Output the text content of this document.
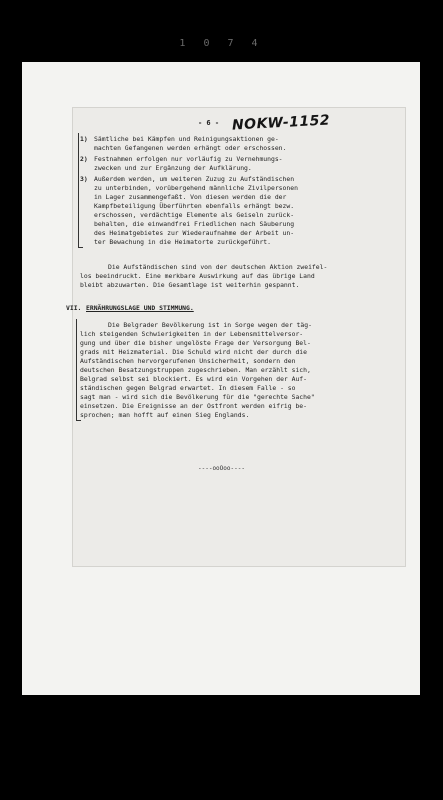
1 0 7 4
- 6 - NOKW-1152
1) Sämtliche bei Kämpfen und Reinigungsaktionen ge-
machten Gefangenen werden erhängt oder erschossen.
2) Festnahmen erfolgen nur vorläufig zu Vernehmungs-
zwecken und zur Ergänzung der Aufklärung.
3) Außerdem werden, um weiteren Zuzug zu Aufständischen
zu unterbinden, vorübergehend männliche Zivilpersonen
in Lager zusammengefaßt. Von diesen werden die der
Kampfbeteiligung Überführten ebenfalls erhängt bezw.
erschossen, verdächtige Elemente als Geiseln zurück-
behalten, die einwandfrei Friedlichen nach Säuberung
des Heimatgebietes zur Wiederaufnahme der Arbeit un-
ter Bewachung in die Heimatorte zurückgeführt.
Die Aufständischen sind von der deutschen Aktion zweifel-
los beeindruckt. Eine merkbare Auswirkung auf das übrige Land
bleibt abzuwarten. Die Gesamtlage ist weiterhin gespannt.
VII. ERNÄHRUNGSLAGE UND STIMMUNG.
Die Belgrader Bevölkerung ist in Sorge wegen der täg-
lich steigenden Schwierigkeiten in der Lebensmittelversor-
gung und über die bisher ungelöste Frage der Versorgung Bel-
grads mit Heizmaterial. Die Schuld wird nicht der durch die
Aufständischen hervorgerufenen Unsicherheit, sondern den
deutschen Besatzungstruppen zugeschrieben. Man erzählt sich,
Belgrad selbst sei blockiert. Es wird ein Vorgehen der Auf-
ständischen gegen Belgrad erwartet. In diesem Falle - so
sagt man - wird sich die Bevölkerung für die "gerechte Sache"
einsetzen. Die Ereignisse an der Ostfront werden eifrig be-
sprochen; man hofft auf einen Sieg Englands.
----ooOoo----
